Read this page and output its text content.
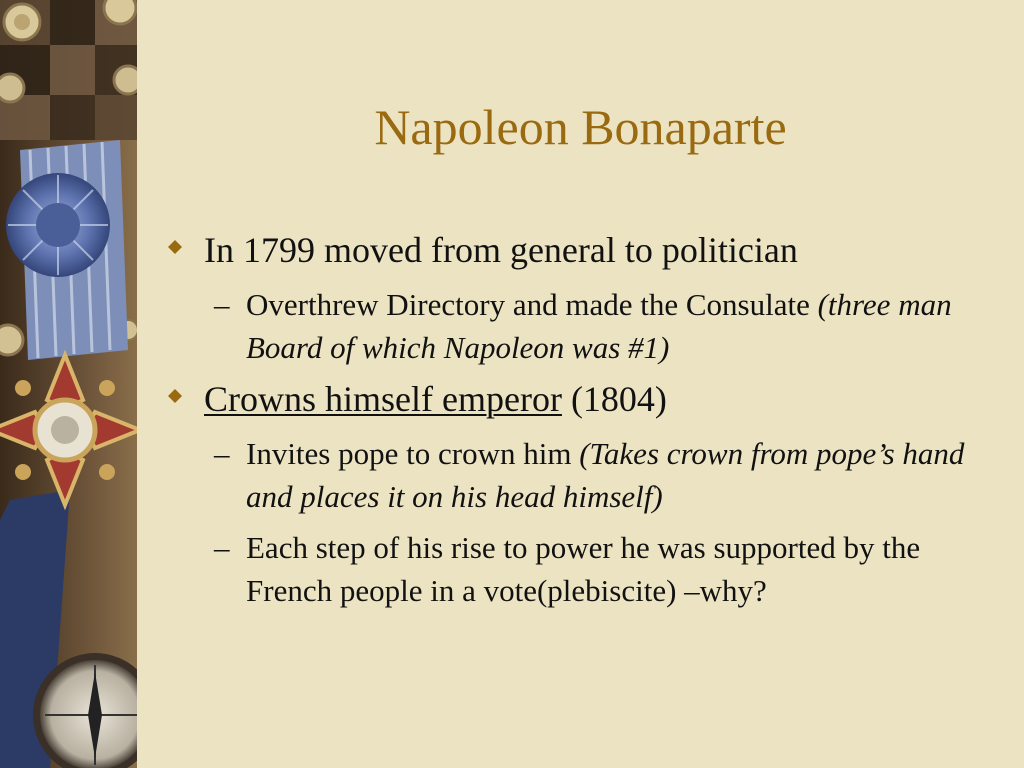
Napoleon Bonaparte
In 1799 moved from general to politician
– Overthrew Directory and made the Consulate (three man Board of which Napoleon was #1)
Crowns himself emperor (1804)
– Invites pope to crown him (Takes crown from pope’s hand and places it on his head himself)
– Each step of his rise to power he was supported by the French people in a vote(plebiscite) –why?
